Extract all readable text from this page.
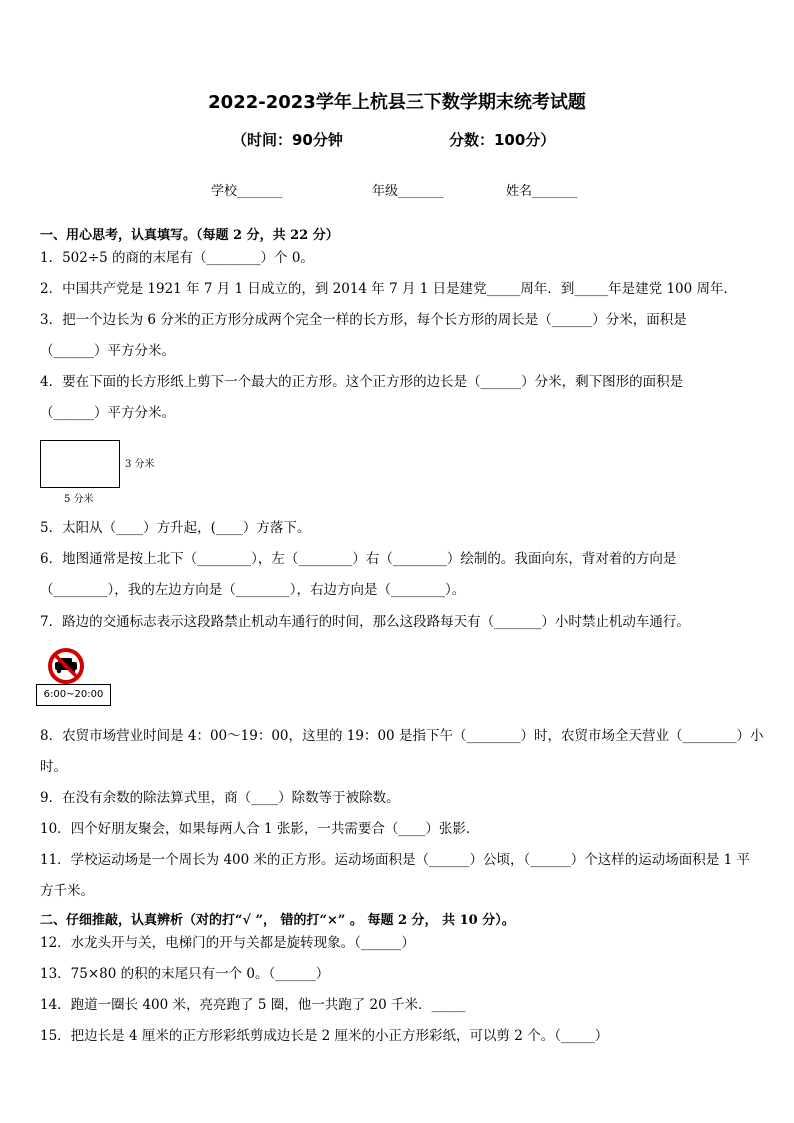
2022-2023学年上杭县三下数学期末统考试题
（时间：90分钟	分数：100分）
学校_______	年级_______	姓名_______
一、用心思考，认真填写。（每题 2 分，共 22 分）
1．502÷5 的商的末尾有（________）个 0。
2．中国共产党是 1921 年 7 月 1 日成立的，到 2014 年 7 月 1 日是建党_____周年．到_____年是建党 100 周年．
3．把一个边长为 6 分米的正方形分成两个完全一样的长方形，每个长方形的周长是（______）分米，面积是
（______）平方分米。
4．要在下面的长方形纸上剪下一个最大的正方形。这个正方形的边长是（______）分米，剩下图形的面积是
（______）平方分米。
3 分米
5 分米
5．太阳从（____）方升起，(____）方落下。
6．地图通常是按上北下（________），左（________）右（________）绘制的。我面向东，背对着的方向是
（________），我的左边方向是（________），右边方向是（________）。
7．路边的交通标志表示这段路禁止机动车通行的时间，那么这段路每天有（_______）小时禁止机动车通行。
6:00~20:00
8．农贸市场营业时间是 4：00～19：00，这里的 19：00 是指下午（________）时，农贸市场全天营业（________）小
时。
9．在没有余数的除法算式里，商（____）除数等于被除数。
10．四个好朋友聚会，如果每两人合 1 张影，一共需要合（____）张影．
11．学校运动场是一个周长为 400 米的正方形。运动场面积是（______）公顷，（______）个这样的运动场面积是 1 平
方千米。
二、仔细推敲，认真辨析（对的打“√ ”， 错的打“×” 。 每题 2 分， 共 10 分）。
12．水龙头开与关，电梯门的开与关都是旋转现象。（______）
13．75×80 的积的末尾只有一个 0。（______）
14．跑道一圈长 400 米，亮亮跑了 5 圈，他一共跑了 20 千米．_____
15．把边长是 4 厘米的正方形彩纸剪成边长是 2 厘米的小正方形彩纸，可以剪 2 个。（_____）
